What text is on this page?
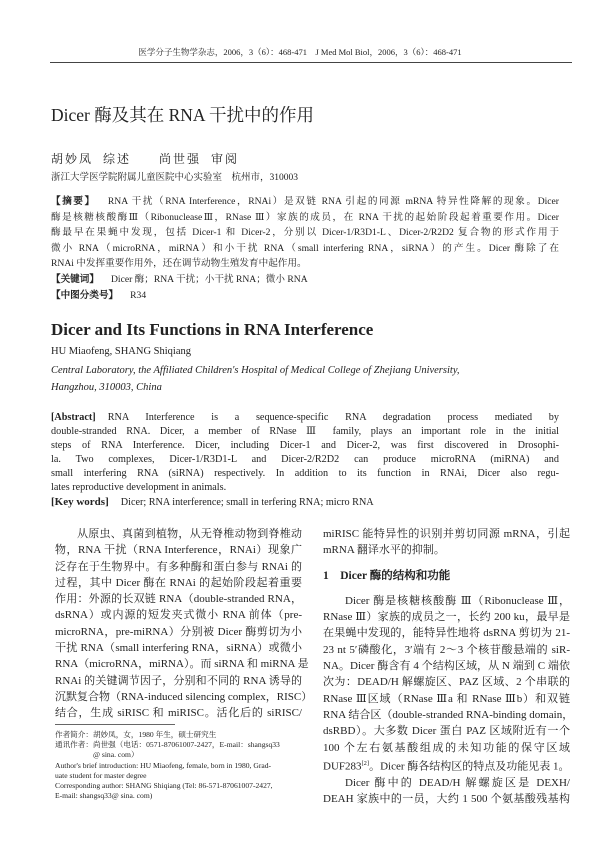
医学分子生物学杂志，2006，3（6）：468-471　J Med Mol Biol，2006，3（6）：468-471
Dicer 酶及其在 RNA 干扰中的作用
胡妙凤 综述 尚世强 审阅
浙江大学医学院附属儿童医院中心实验室　杭州市，310003
【摘要】 RNA 干扰（RNA Interference，RNAi）是双链 RNA 引起的同源 mRNA 特异性降解的现象。Dicer
酶是核糖核酸酶Ⅲ（RibonucleaseⅢ，RNase Ⅲ）家族的成员，在 RNA 干扰的起始阶段起着重要作用。Dicer
酶最早在果蝇中发现，包括 Dicer-1 和 Dicer-2，分别以 Dicer-1/R3D1-L、Dicer-2/R2D2 复合物的形式作用于
微小 RNA（microRNA，miRNA）和小干扰 RNA（small interfering RNA，siRNA）的产生。Dicer 酶除了在
RNAi 中发挥重要作用外，还在调节动物生殖发育中起作用。
【关键词】 Dicer 酶；RNA 干扰；小干扰 RNA；微小 RNA
【中图分类号】 R34
Dicer and Its Functions in RNA Interference
HU Miaofeng, SHANG Shiqiang
Central Laboratory, the Affiliated Children's Hospital of Medical College of Zhejiang University,
Hangzhou, 310003, China
[Abstract] RNA Interference is a sequence-specific RNA degradation process mediated by
double-stranded RNA. Dicer, a member of RNase Ⅲ family, plays an important role in the initial
steps of RNA Interference. Dicer, including Dicer-1 and Dicer-2, was first discovered in Drosophi-
la. Two complexes, Dicer-1/R3D1-L and Dicer-2/R2D2 can produce microRNA (miRNA) and
small interfering RNA (siRNA) respectively. In addition to its function in RNAi, Dicer also regu-
lates reproductive development in animals.
[Key words] Dicer; RNA interference; small in terfering RNA; micro RNA
从原虫、真菌到植物，从无脊椎动物到脊椎动
物，RNA 干扰（RNA Interference，RNAi）现象广
泛存在于生物界中。有多种酶和蛋白参与 RNAi 的
过程，其中 Dicer 酶在 RNAi 的起始阶段起着重要
作用：外源的长双链 RNA（double-stranded RNA，
dsRNA）或内源的短发夹式微小 RNA 前体（pre-
microRNA，pre-miRNA）分别被 Dicer 酶剪切为小
干扰 RNA（small interfering RNA，siRNA）或微小
RNA（microRNA，miRNA）。而 siRNA 和 miRNA 是
RNAi 的关键调节因子，分别和不同的 RNA 诱导的
沉默复合物（RNA-induced silencing complex，RISC）
结合，生成 siRISC 和 miRISC。活化后的 siRISC/
miRISC 能特异性的识别并剪切同源 mRNA，引起
mRNA 翻译水平的抑制。
1　Dicer 酶的结构和功能
Dicer 酶是核糖核酸酶 Ⅲ（Ribonuclease Ⅲ，
RNase Ⅲ）家族的成员之一，长约 200 ku，最早是
在果蝇中发现的，能特异性地将 dsRNA 剪切为 21-
23 nt 5′磷酸化，3′端有 2～3 个核苷酸悬端的 siR-
NA。Dicer 酶含有 4 个结构区域，从 N 端到 C 端依
次为：DEAD/H 解螺旋区、PAZ 区域、2 个串联的
RNase Ⅲ区域（RNase Ⅲa 和 RNase Ⅲb）和双链
RNA 结合区（double-stranded RNA-binding domain，
dsRBD）。大多数 Dicer 蛋白 PAZ 区域附近有一个
100 个左右氨基酸组成的未知功能的保守区域
DUF283[2]。Dicer 酶各结构区的特点及功能见表 1。
Dicer 酶中的 DEAD/H 解螺旋区是 DEXH/
DEAH 家族中的一员，大约 1 500 个氨基酸残基构
作者简介：胡妙凤，女，1980 年生，硕士研究生
通讯作者：尚世强（电话：0571-87061007-2427，E-mail：shangsq33
　　　　　@ sina. com）
Author's brief introduction: HU Miaofeng, female, born in 1980, Grad-
uate student for master degree
Corresponding author: SHANG Shiqiang (Tel: 86-571-87061007-2427,
E-mail: shangsq33@ sina. com)
